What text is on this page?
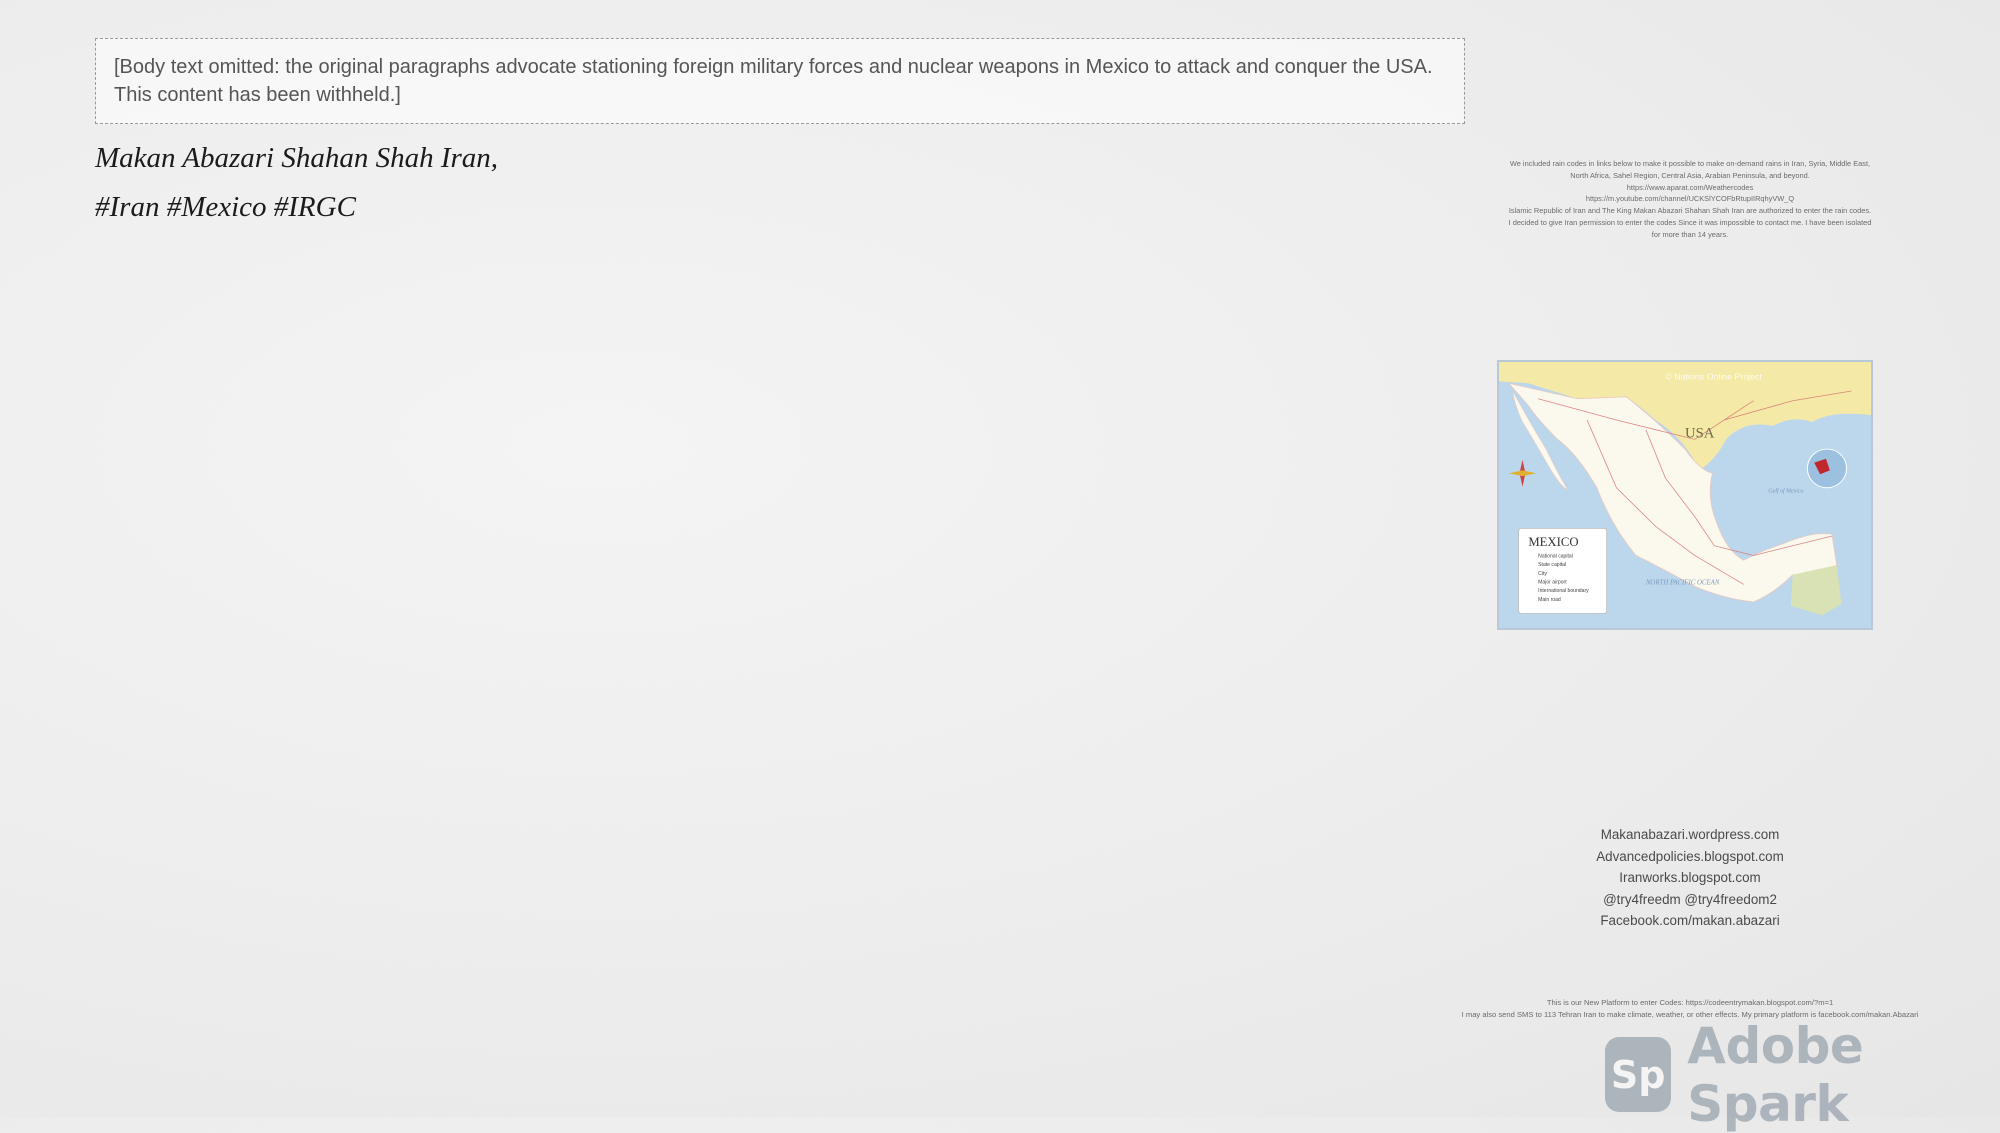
[Body text omitted: the original paragraphs advocate stationing foreign military forces and nuclear weapons in Mexico to attack and conquer the USA. This content has been withheld.]

Makan Abazari Shahan Shah Iran,

#Iran #Mexico #IRGC

We included rain codes in links below to make it possible to make on-demand rains in Iran, Syria, Middle East,
North Africa, Sahel Region, Central Asia, Arabian Peninsula, and beyond.
https://www.aparat.com/Weathercodes
https://m.youtube.com/channel/UCKSlYCOFbRtupIIRqhyVW_Q
Islamic Republic of Iran and The King Makan Abazari Shahan Shah Iran are authorized to enter the rain codes.
I decided to give Iran permission to enter the codes Since it was impossible to contact me. I have been isolated
for more than 14 years.
USA
© Nations Online Project
NORTH PACIFIC OCEAN
Gulf of Mexico
MEXICO
National capital
State capital
City
Major airport
International boundary
Main road
Makanabazari.wordpress.com
Advancedpolicies.blogspot.com
Iranworks.blogspot.com
@try4freedm @try4freedom2
Facebook.com/makan.abazari
This is our New Platform to enter Codes: https://codeentrymakan.blogspot.com/?m=1
I may also send SMS to 113 Tehran Iran to make climate, weather, or other effects. My primary platform is facebook.com/makan.Abazari
Sp Adobe Spark
